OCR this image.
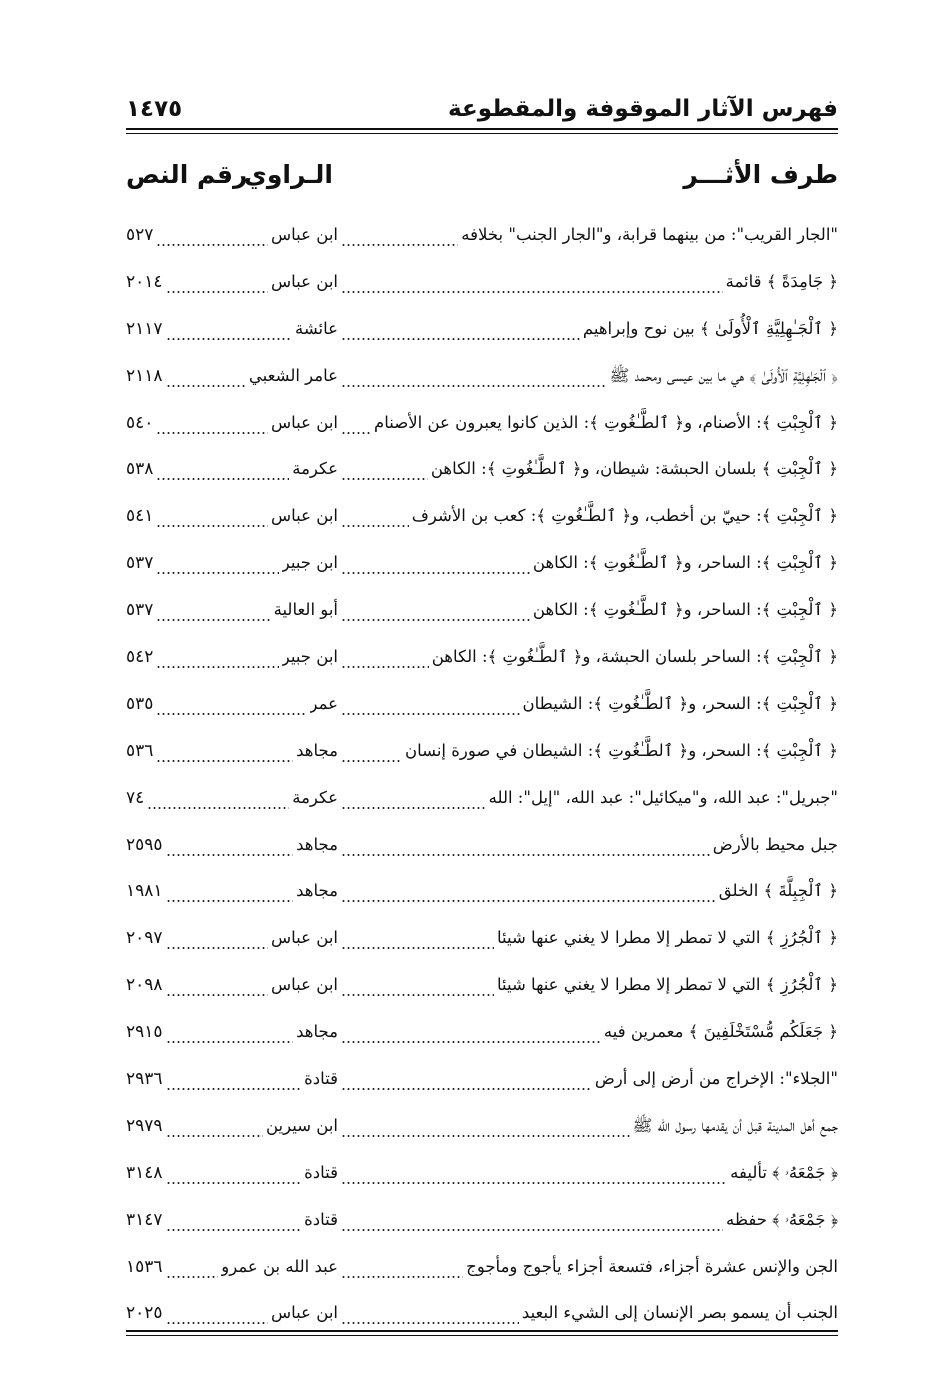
فهرس الآثار الموقوفة والمقطوعة
١٤٧٥
طرف الأثـــر
الـراوي
رقم النص
"الجار القريب": من بينهما قرابة، و"الجار الجنب" بخلافه
ابن عباس
٥٢٧
﴿ جَامِدَةً ﴾ قائمة
ابن عباس
٢٠١٤
﴿ ٱلْجَـٰهِلِيَّةِ ٱلْأُولَىٰ ﴾ بين نوح وإبراهيم
عائشة
٢١١٧
﴿ ٱلْجَـٰهِلِيَّةِ ٱلْأُولَىٰ ﴾ هي ما بين عيسى ومحمد ﷺ
عامر الشعبي
٢١١٨
﴿ ٱلْجِبْتِ ﴾: الأصنام، و﴿ ٱلطَّـٰغُوتِ ﴾: الذين كانوا يعبرون عن الأصنام
ابن عباس
٥٤٠
﴿ ٱلْجِبْتِ ﴾ بلسان الحبشة: شيطان، و﴿ ٱلطَّـٰغُوتِ ﴾: الكاهن
عكرمة
٥٣٨
﴿ ٱلْجِبْتِ ﴾: حييّ بن أخطب، و﴿ ٱلطَّـٰغُوتِ ﴾: كعب بن الأشرف
ابن عباس
٥٤١
﴿ ٱلْجِبْتِ ﴾: الساحر، و﴿ ٱلطَّـٰغُوتِ ﴾: الكاهن
ابن جبير
٥٣٧
﴿ ٱلْجِبْتِ ﴾: الساحر، و﴿ ٱلطَّـٰغُوتِ ﴾: الكاهن
أبو العالية
٥٣٧
﴿ ٱلْجِبْتِ ﴾: الساحر بلسان الحبشة، و﴿ ٱلطَّـٰغُوتِ ﴾: الكاهن
ابن جبير
٥٤٢
﴿ ٱلْجِبْتِ ﴾: السحر، و﴿ ٱلطَّـٰغُوتِ ﴾: الشيطان
عمر
٥٣٥
﴿ ٱلْجِبْتِ ﴾: السحر، و﴿ ٱلطَّـٰغُوتِ ﴾: الشيطان في صورة إنسان
مجاهد
٥٣٦
"جبريل": عبد الله، و"ميكائيل": عبد الله، "إيل": الله
عكرمة
٧٤
جبل محيط بالأرض
مجاهد
٢٥٩٥
﴿ ٱلْجِبِلَّةَ ﴾ الخلق
مجاهد
١٩٨١
﴿ ٱلْجُرُزِ ﴾ التي لا تمطر إلا مطرا لا يغني عنها شيئا
ابن عباس
٢٠٩٧
﴿ ٱلْجُرُزِ ﴾ التي لا تمطر إلا مطرا لا يغني عنها شيئا
ابن عباس
٢٠٩٨
﴿ جَعَلَكُم مُّسْتَخْلَفِينَ ﴾ معمرين فيه
مجاهد
٢٩١٥
"الجلاء": الإخراج من أرض إلى أرض
قتادة
٢٩٣٦
جمع أهل المدينة قبل أن يقدمها رسول الله ﷺ
ابن سيرين
٢٩٧٩
﴿ جَمْعَهُۥ ﴾ تأليفه
قتادة
٣١٤٨
﴿ جَمْعَهُۥ ﴾ حفظه
قتادة
٣١٤٧
الجن والإنس عشرة أجزاء، فتسعة أجزاء يأجوج ومأجوج
عبد الله بن عمرو
١٥٣٦
الجنب أن يسمو بصر الإنسان إلى الشيء البعيد
ابن عباس
٢٠٢٥
